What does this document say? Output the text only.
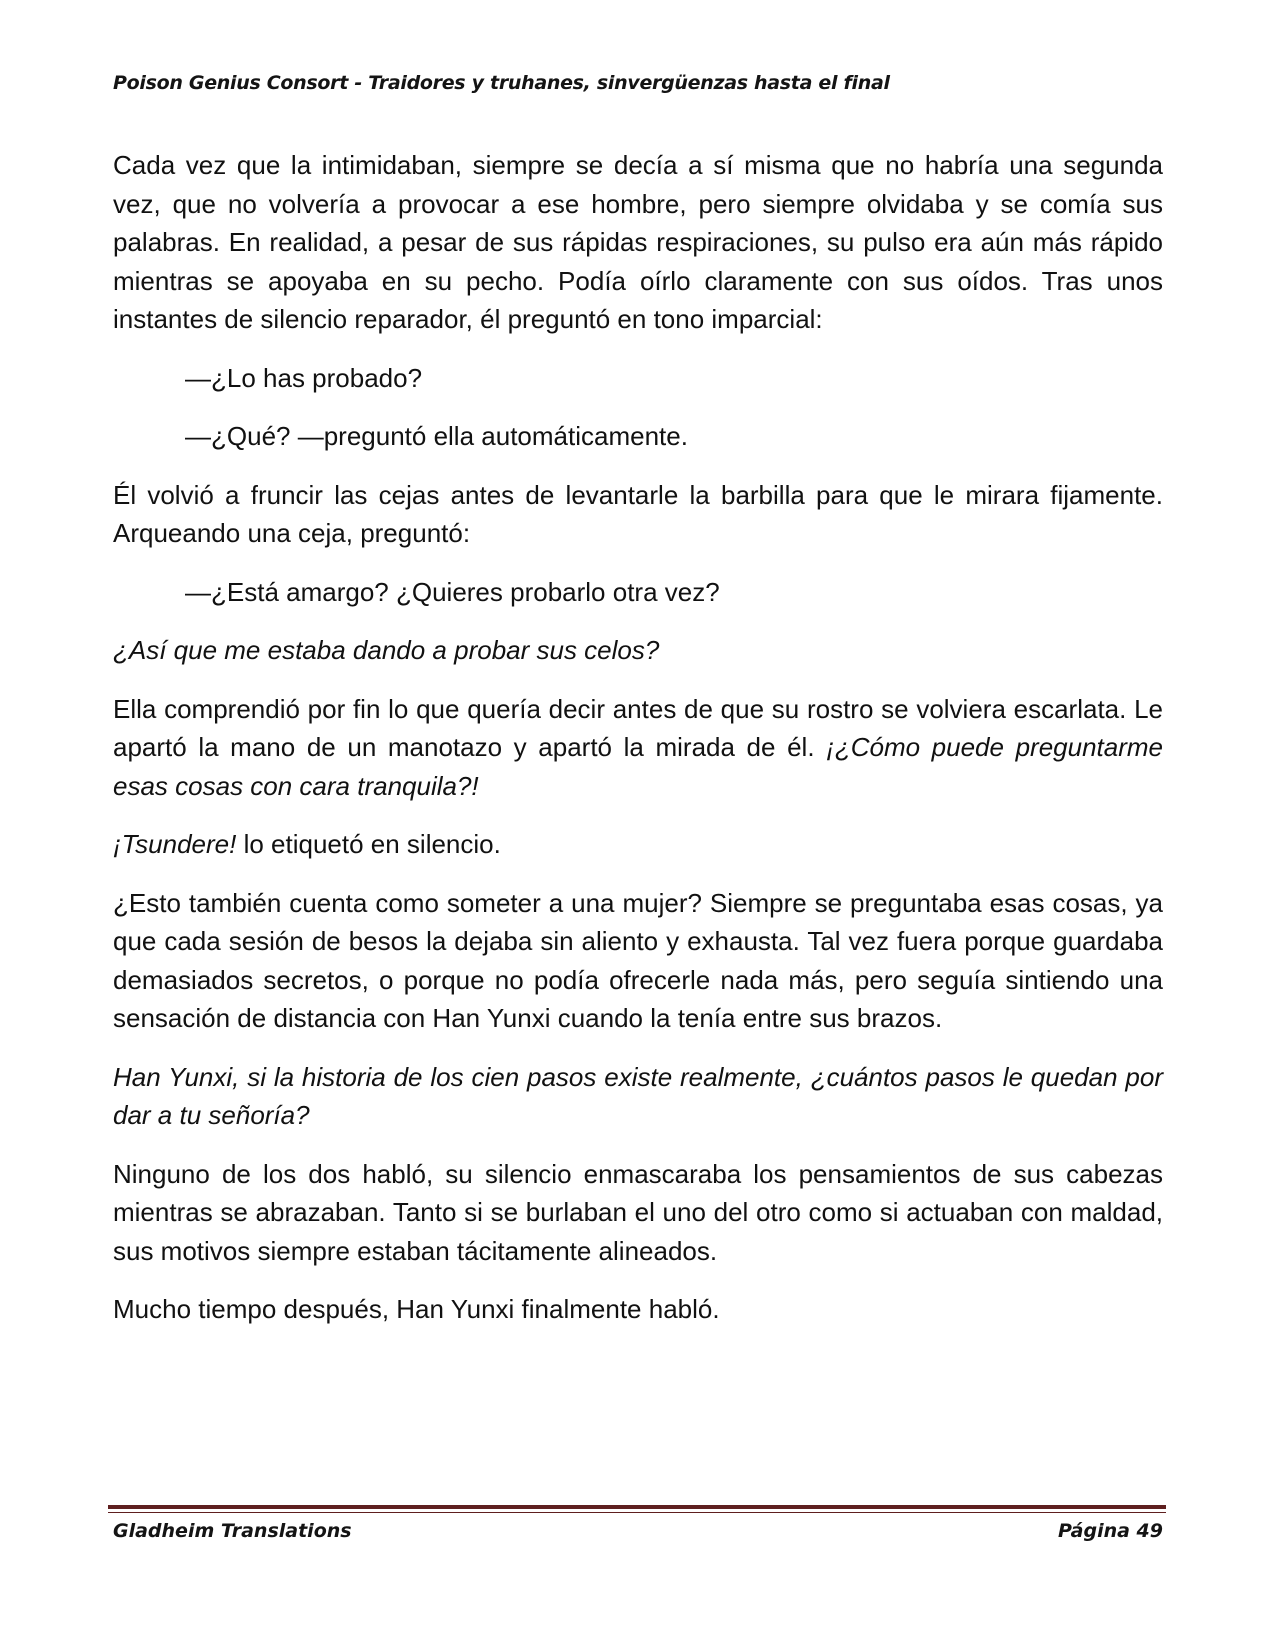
Poison Genius Consort - Traidores y truhanes, sinvergüenzas hasta el final

Cada vez que la intimidaban, siempre se decía a sí misma que no habría una segunda vez, que no volvería a provocar a ese hombre, pero siempre olvidaba y se comía sus palabras. En realidad, a pesar de sus rápidas respiraciones, su pulso era aún más rápido mientras se apoyaba en su pecho. Podía oírlo claramente con sus oídos. Tras unos instantes de silencio reparador, él preguntó en tono imparcial:

—¿Lo has probado?

—¿Qué? —preguntó ella automáticamente.

Él volvió a fruncir las cejas antes de levantarle la barbilla para que le mirara fijamente. Arqueando una ceja, preguntó:

—¿Está amargo? ¿Quieres probarlo otra vez?

¿Así que me estaba dando a probar sus celos?

Ella comprendió por fin lo que quería decir antes de que su rostro se volviera escarlata. Le apartó la mano de un manotazo y apartó la mirada de él. ¡¿Cómo puede preguntarme esas cosas con cara tranquila?!

¡Tsundere! lo etiquetó en silencio.

¿Esto también cuenta como someter a una mujer? Siempre se preguntaba esas cosas, ya que cada sesión de besos la dejaba sin aliento y exhausta. Tal vez fuera porque guardaba demasiados secretos, o porque no podía ofrecerle nada más, pero seguía sintiendo una sensación de distancia con Han Yunxi cuando la tenía entre sus brazos.

Han Yunxi, si la historia de los cien pasos existe realmente, ¿cuántos pasos le quedan por dar a tu señoría?

Ninguno de los dos habló, su silencio enmascaraba los pensamientos de sus cabezas mientras se abrazaban. Tanto si se burlaban el uno del otro como si actuaban con maldad, sus motivos siempre estaban tácitamente alineados.

Mucho tiempo después, Han Yunxi finalmente habló.

Gladheim Translations	Página 49
